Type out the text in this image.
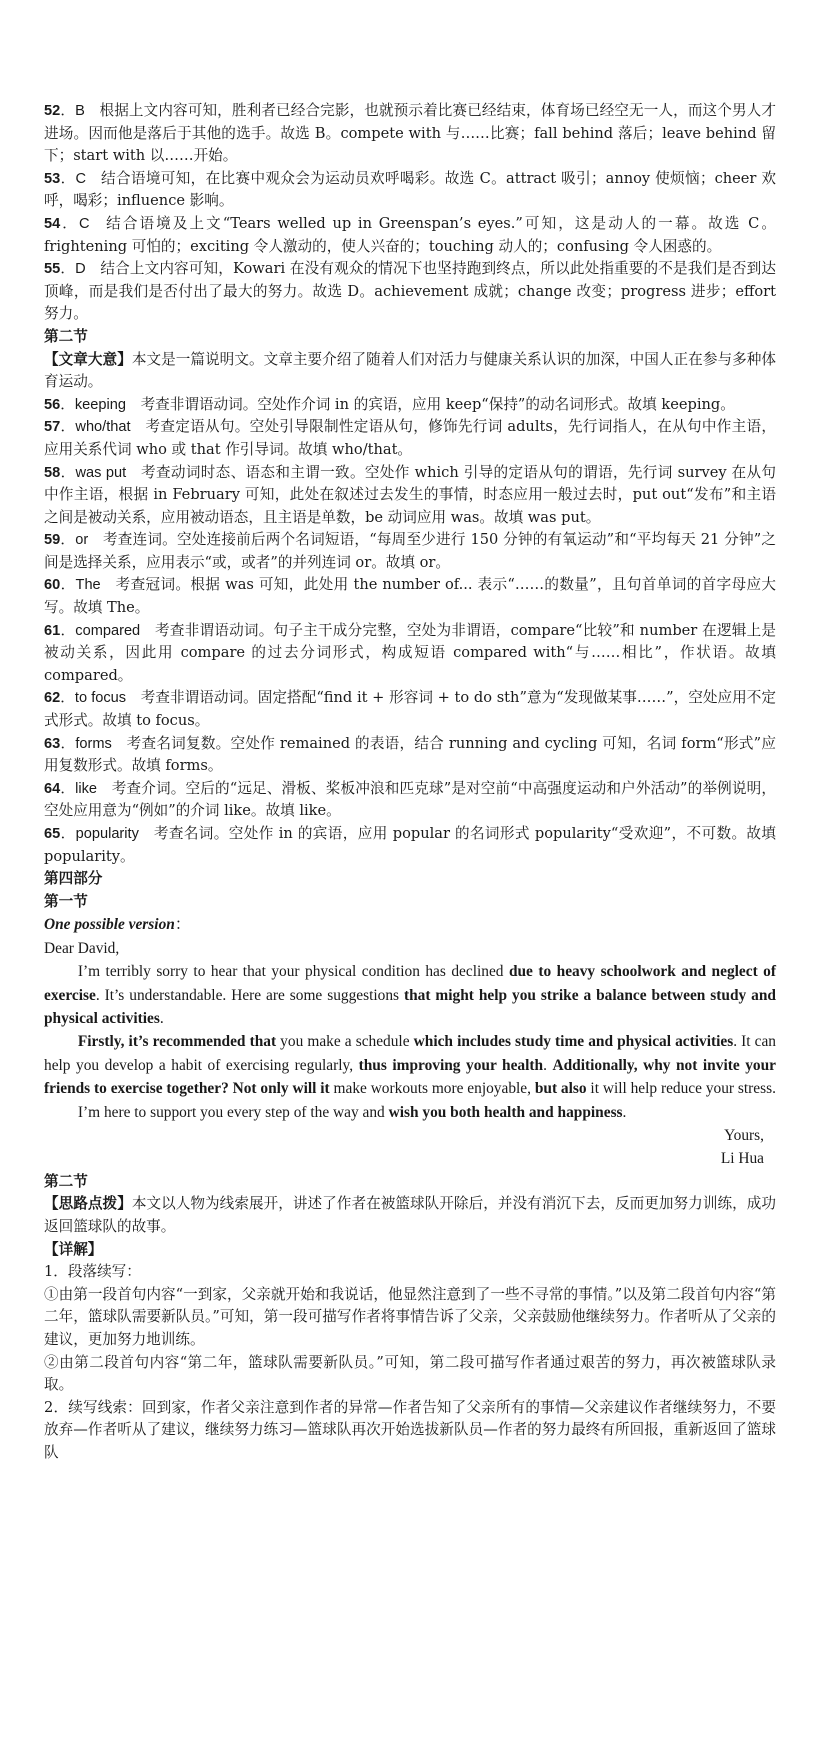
52．B  根据上文内容可知，胜利者已经合完影，也就预示着比赛已经结束，体育场已经空无一人，而这个男人才进场。因而他是落后于其他的选手。故选 B。compete with 与……比赛；fall behind 落后；leave behind 留下；start with 以……开始。

53．C  结合语境可知，在比赛中观众会为运动员欢呼喝彩。故选 C。attract 吸引；annoy 使烦恼；cheer 欢呼，喝彩；influence 影响。

54．C  结合语境及上文“Tears welled up in Greenspan’s eyes.”可知，这是动人的一幕。故选 C。frightening 可怕的；exciting 令人激动的，使人兴奋的；touching 动人的；confusing 令人困惑的。

55．D  结合上文内容可知，Kowari 在没有观众的情况下也坚持跑到终点，所以此处指重要的不是我们是否到达顶峰，而是我们是否付出了最大的努力。故选 D。achievement 成就；change 改变；progress 进步；effort 努力。

第二节

【文章大意】本文是一篇说明文。文章主要介绍了随着人们对活力与健康关系认识的加深，中国人正在参与多种体育运动。

56．keeping  考查非谓语动词。空处作介词 in 的宾语，应用 keep“保持”的动名词形式。故填 keeping。

57．who/that  考查定语从句。空处引导限制性定语从句，修饰先行词 adults，先行词指人，在从句中作主语，应用关系代词 who 或 that 作引导词。故填 who/that。

58．was put  考查动词时态、语态和主谓一致。空处作 which 引导的定语从句的谓语，先行词 survey 在从句中作主语，根据 in February 可知，此处在叙述过去发生的事情，时态应用一般过去时，put out“发布”和主语之间是被动关系，应用被动语态，且主语是单数，be 动词应用 was。故填 was put。

59．or  考查连词。空处连接前后两个名词短语，“每周至少进行 150 分钟的有氧运动”和“平均每天 21 分钟”之间是选择关系，应用表示“或，或者”的并列连词 or。故填 or。

60．The  考查冠词。根据 was 可知，此处用 the number of... 表示“……的数量”，且句首单词的首字母应大写。故填 The。

61．compared  考查非谓语动词。句子主干成分完整，空处为非谓语，compare“比较”和 number 在逻辑上是被动关系，因此用 compare 的过去分词形式，构成短语 compared with“与……相比”，作状语。故填 compared。

62．to focus  考查非谓语动词。固定搭配“find it + 形容词 + to do sth”意为“发现做某事……”，空处应用不定式形式。故填 to focus。

63．forms  考查名词复数。空处作 remained 的表语，结合 running and cycling 可知，名词 form“形式”应用复数形式。故填 forms。

64．like  考查介词。空后的“远足、滑板、桨板冲浪和匹克球”是对空前“中高强度运动和户外活动”的举例说明，空处应用意为“例如”的介词 like。故填 like。

65．popularity  考查名词。空处作 in 的宾语，应用 popular 的名词形式 popularity“受欢迎”，不可数。故填 popularity。

第四部分

第一节

One possible version：

Dear David,

I’m terribly sorry to hear that your physical condition has declined due to heavy schoolwork and neglect of exercise. It’s understandable. Here are some suggestions that might help you strike a balance between study and physical activities.

Firstly, it’s recommended that you make a schedule which includes study time and physical activities. It can help you develop a habit of exercising regularly, thus improving your health. Additionally, why not invite your friends to exercise together? Not only will it make workouts more enjoyable, but also it will help reduce your stress.

I’m here to support you every step of the way and wish you both health and happiness.

Yours,

Li Hua

第二节

【思路点拨】本文以人物为线索展开，讲述了作者在被篮球队开除后，并没有消沉下去，反而更加努力训练，成功返回篮球队的故事。

【详解】

1．段落续写：

①由第一段首句内容“一到家，父亲就开始和我说话，他显然注意到了一些不寻常的事情。”以及第二段首句内容“第二年，篮球队需要新队员。”可知，第一段可描写作者将事情告诉了父亲，父亲鼓励他继续努力。作者听从了父亲的建议，更加努力地训练。

②由第二段首句内容“第二年，篮球队需要新队员。”可知，第二段可描写作者通过艰苦的努力，再次被篮球队录取。

2．续写线索：回到家，作者父亲注意到作者的异常—作者告知了父亲所有的事情—父亲建议作者继续努力，不要放弃—作者听从了建议，继续努力练习—篮球队再次开始选拔新队员—作者的努力最终有所回报，重新返回了篮球队
